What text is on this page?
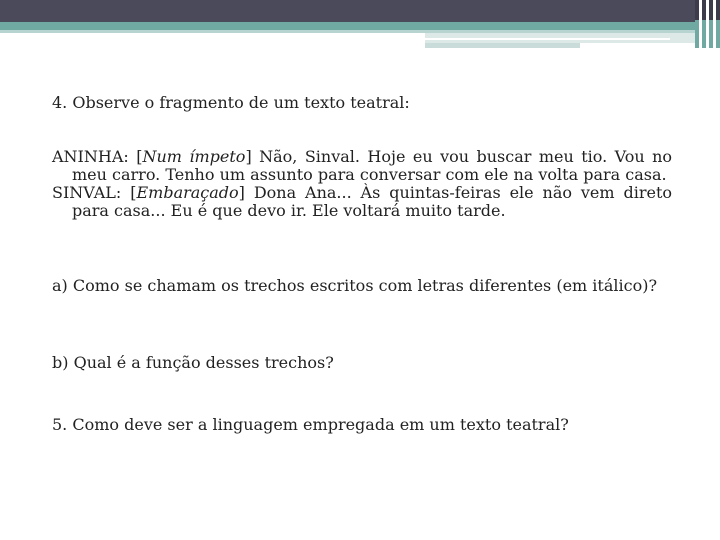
4. Observe o fragmento de um texto teatral:

ANINHA: [Num ímpeto] Não, Sinval. Hoje eu vou buscar meu tio. Vou no meu carro. Tenho um assunto para conversar com ele na volta para casa.

SINVAL: [Embaraçado] Dona Ana... Às quintas-feiras ele não vem direto para casa... Eu é que devo ir. Ele voltará muito tarde.

a) Como se chamam os trechos escritos com letras diferentes (em itálico)?

b) Qual é a função desses trechos?

5. Como deve ser a linguagem empregada em um texto teatral?
